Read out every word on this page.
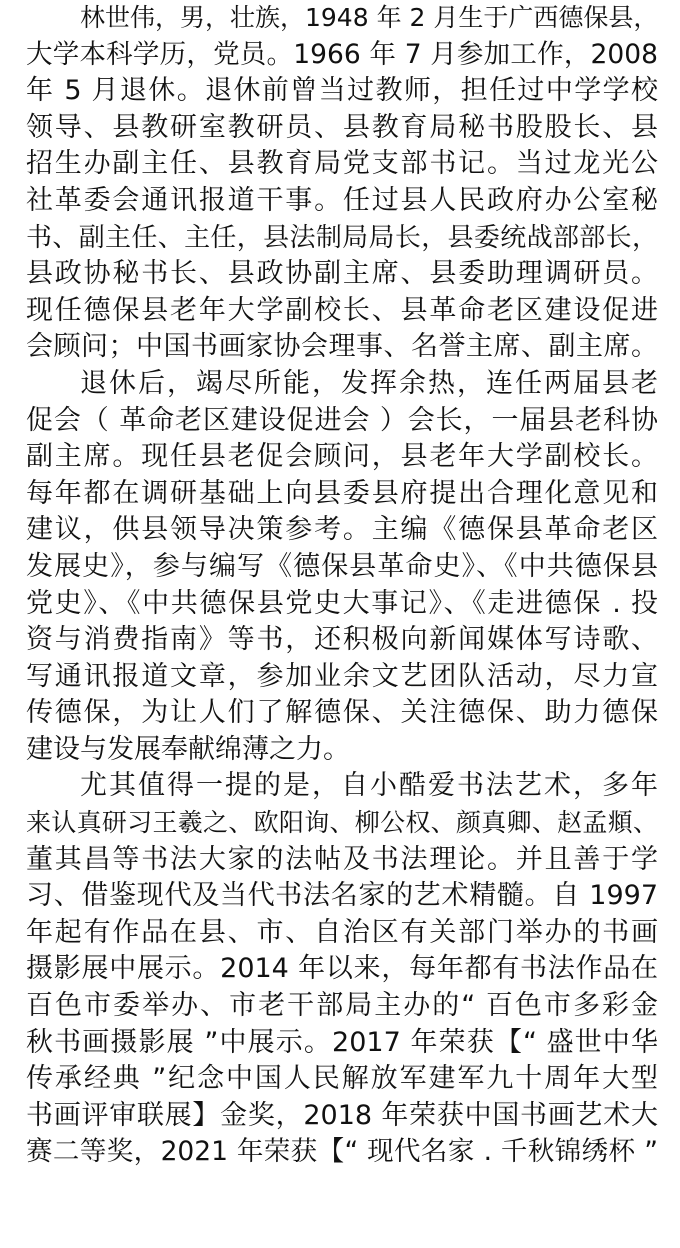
林世伟，男，壮族，1948 年 2 月生于广西德保县，
大学本科学历，党员。1966 年 7 月参加工作，2008
年 5 月退休。退休前曾当过教师，担任过中学学校
领导、县教研室教研员、县教育局秘书股股长、县
招生办副主任、县教育局党支部书记。当过龙光公
社革委会通讯报道干事。任过县人民政府办公室秘
书、副主任、主任，县法制局局长，县委统战部部长，
县政协秘书长、县政协副主席、县委助理调研员。
现任德保县老年大学副校长、县革命老区建设促进
会顾问；中国书画家协会理事、名誉主席、副主席。
退休后，竭尽所能，发挥余热，连任两届县老
促会（ 革命老区建设促进会 ）会长，一届县老科协
副主席。现任县老促会顾问，县老年大学副校长。
每年都在调研基础上向县委县府提出合理化意见和
建议，供县领导决策参考。主编《德保县革命老区
发展史》，参与编写《德保县革命史》、《中共德保县
党史》、《中共德保县党史大事记》、《走进德保 . 投
资与消费指南》等书，还积极向新闻媒体写诗歌、
写通讯报道文章，参加业余文艺团队活动，尽力宣
传德保，为让人们了解德保、关注德保、助力德保
建设与发展奉献绵薄之力。
尤其值得一提的是，自小酷爱书法艺术，多年
来认真研习王羲之、欧阳询、柳公权、颜真卿、赵孟頫、
董其昌等书法大家的法帖及书法理论。并且善于学
习、借鉴现代及当代书法名家的艺术精髓。自 1997
年起有作品在县、市、自治区有关部门举办的书画
摄影展中展示。2014 年以来，每年都有书法作品在
百色市委举办、市老干部局主办的“ 百色市多彩金
秋书画摄影展 ”中展示。2017 年荣获【“ 盛世中华
传承经典 ”纪念中国人民解放军建军九十周年大型
书画评审联展】金奖，2018 年荣获中国书画艺术大
赛二等奖，2021 年荣获【“ 现代名家 . 千秋锦绣杯 ”
